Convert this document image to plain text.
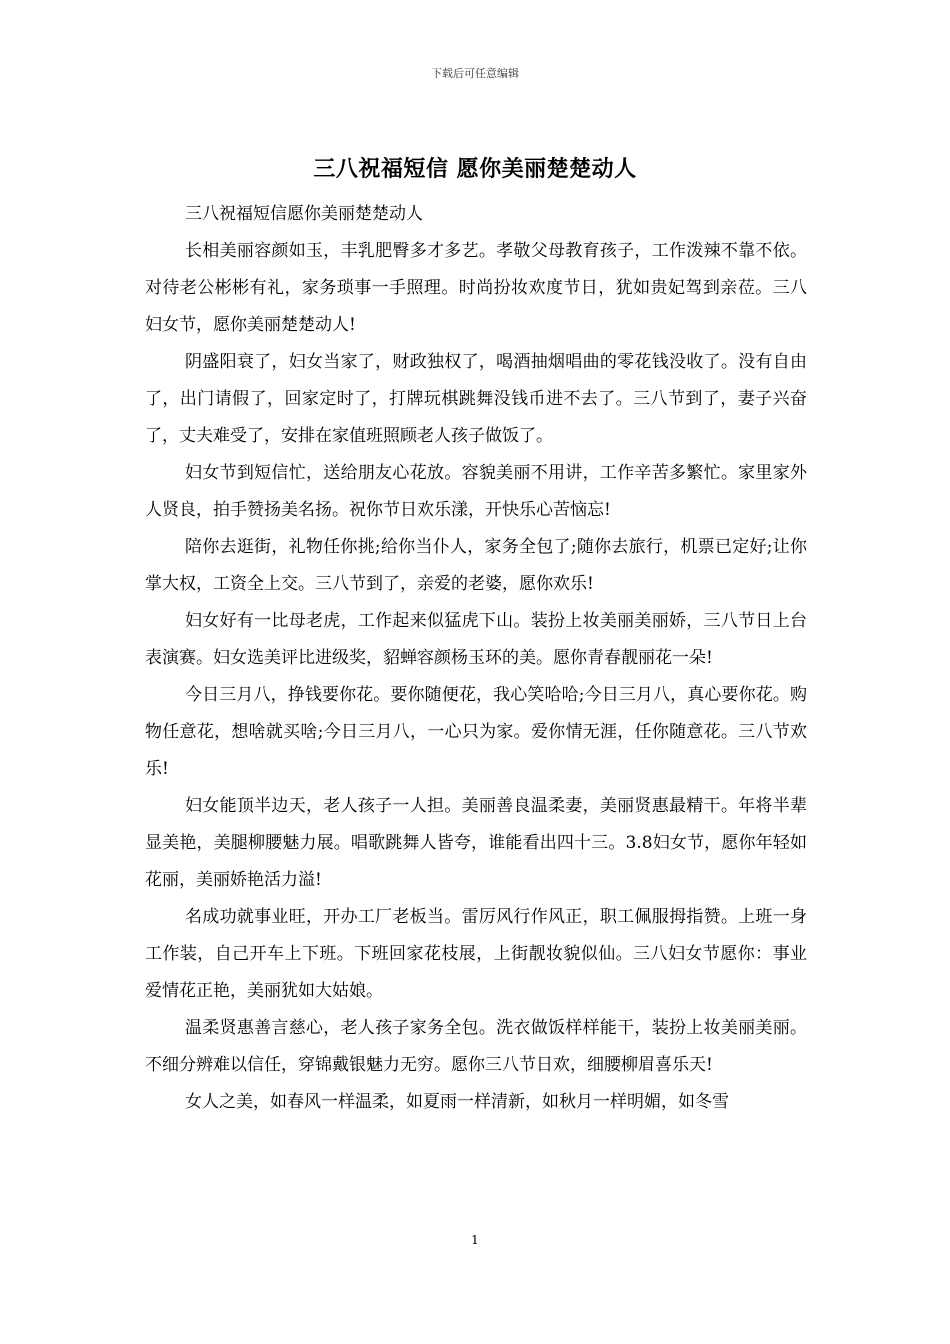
下载后可任意编辑
三八祝福短信 愿你美丽楚楚动人

三八祝福短信愿你美丽楚楚动人

长相美丽容颜如玉，丰乳肥臀多才多艺。孝敬父母教育孩子，工作泼辣不靠不依。对待老公彬彬有礼，家务琐事一手照理。时尚扮妆欢度节日，犹如贵妃驾到亲莅。三八妇女节，愿你美丽楚楚动人!

阴盛阳衰了，妇女当家了，财政独权了，喝酒抽烟唱曲的零花钱没收了。没有自由了，出门请假了，回家定时了，打牌玩棋跳舞没钱币进不去了。三八节到了，妻子兴奋了，丈夫难受了，安排在家值班照顾老人孩子做饭了。

妇女节到短信忙，送给朋友心花放。容貌美丽不用讲，工作辛苦多繁忙。家里家外人贤良，拍手赞扬美名扬。祝你节日欢乐漾，开快乐心苦恼忘!

陪你去逛街，礼物任你挑;给你当仆人，家务全包了;随你去旅行，机票已定好;让你掌大权，工资全上交。三八节到了，亲爱的老婆，愿你欢乐!

妇女好有一比母老虎，工作起来似猛虎下山。装扮上妆美丽美丽娇，三八节日上台表演赛。妇女选美评比进级奖，貂蝉容颜杨玉环的美。愿你青春靓丽花一朵!

今日三月八，挣钱要你花。要你随便花，我心笑哈哈;今日三月八，真心要你花。购物任意花，想啥就买啥;今日三月八，一心只为家。爱你情无涯，任你随意花。三八节欢乐!

妇女能顶半边天，老人孩子一人担。美丽善良温柔妻，美丽贤惠最精干。年将半辈显美艳，美腿柳腰魅力展。唱歌跳舞人皆夸，谁能看出四十三。3.8妇女节，愿你年轻如花丽，美丽娇艳活力溢!

名成功就事业旺，开办工厂老板当。雷厉风行作风正，职工佩服拇指赞。上班一身工作装，自己开车上下班。下班回家花枝展，上街靓妆貌似仙。三八妇女节愿你：事业爱情花正艳，美丽犹如大姑娘。

温柔贤惠善言慈心，老人孩子家务全包。洗衣做饭样样能干，装扮上妆美丽美丽。不细分辨难以信任，穿锦戴银魅力无穷。愿你三八节日欢，细腰柳眉喜乐天!

女人之美，如春风一样温柔，如夏雨一样清新，如秋月一样明媚，如冬雪

1
